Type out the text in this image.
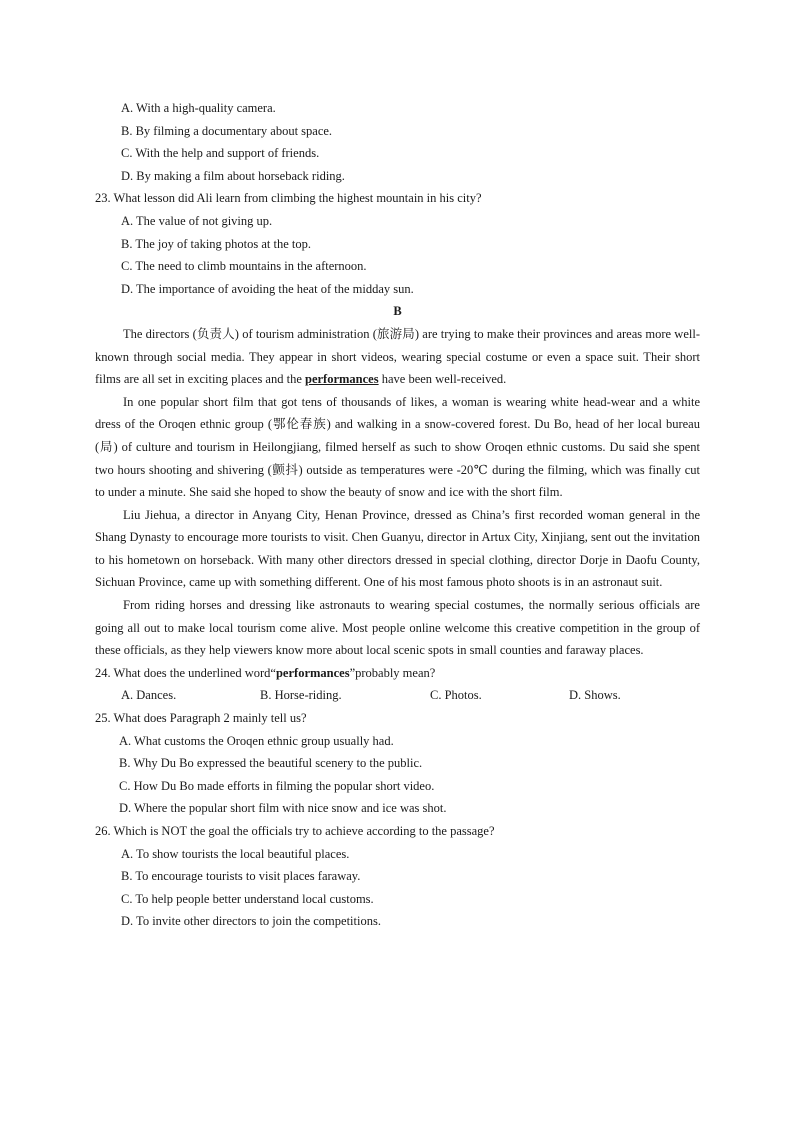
A. With a high-quality camera.
B. By filming a documentary about space.
C. With the help and support of friends.
D. By making a film about horseback riding.
23. What lesson did Ali learn from climbing the highest mountain in his city?
A. The value of not giving up.
B. The joy of taking photos at the top.
C. The need to climb mountains in the afternoon.
D. The importance of avoiding the heat of the midday sun.
B
The directors (负责人) of tourism administration (旅游局) are trying to make their provinces and areas more well-known through social media. They appear in short videos, wearing special costume or even a space suit. Their short films are all set in exciting places and the performances have been well-received.
In one popular short film that got tens of thousands of likes, a woman is wearing white head-wear and a white dress of the Oroqen ethnic group (鄂伦春族) and walking in a snow-covered forest. Du Bo, head of her local bureau (局) of culture and tourism in Heilongjiang, filmed herself as such to show Oroqen ethnic customs. Du said she spent two hours shooting and shivering (颤抖) outside as temperatures were -20℃ during the filming, which was finally cut to under a minute. She said she hoped to show the beauty of snow and ice with the short film.
Liu Jiehua, a director in Anyang City, Henan Province, dressed as China’s first recorded woman general in the Shang Dynasty to encourage more tourists to visit. Chen Guanyu, director in Artux City, Xinjiang, sent out the invitation to his hometown on horseback. With many other directors dressed in special clothing, director Dorje in Daofu County, Sichuan Province, came up with something different. One of his most famous photo shoots is in an astronaut suit.
From riding horses and dressing like astronauts to wearing special costumes, the normally serious officials are going all out to make local tourism come alive. Most people online welcome this creative competition in the group of these officials, as they help viewers know more about local scenic spots in small counties and faraway places.
24. What does the underlined word“performances”probably mean?
A. Dances.	B. Horse-riding.	C. Photos.	D. Shows.
25. What does Paragraph 2 mainly tell us?
A. What customs the Oroqen ethnic group usually had.
B. Why Du Bo expressed the beautiful scenery to the public.
C. How Du Bo made efforts in filming the popular short video.
D. Where the popular short film with nice snow and ice was shot.
26. Which is NOT the goal the officials try to achieve according to the passage?
A. To show tourists the local beautiful places.
B. To encourage tourists to visit places faraway.
C. To help people better understand local customs.
D. To invite other directors to join the competitions.
